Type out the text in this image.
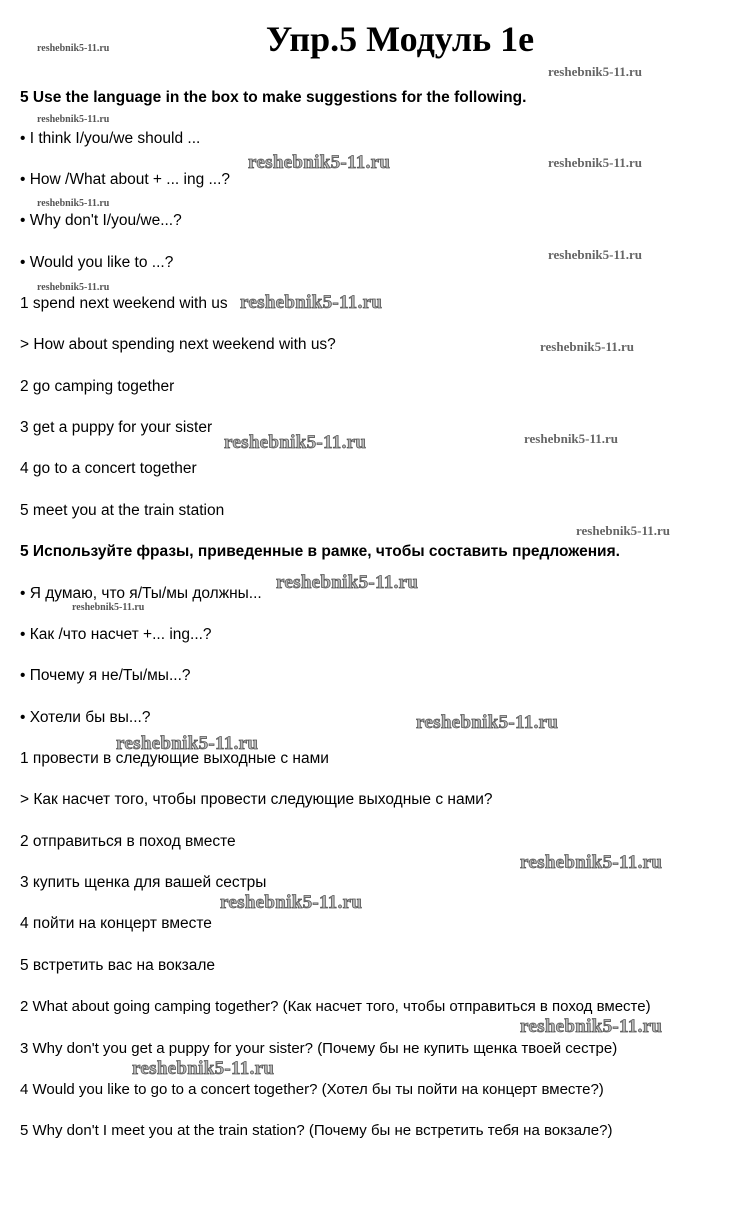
Упр.5 Модуль 1е
5 Use the language in the box to make suggestions for the following.
• I think I/you/we should ...
• How /What about + ... ing ...?
• Why don't I/you/we...?
• Would you like to ...?
1 spend next weekend with us
> How about spending next weekend with us?
2 go camping together
3 get a puppy for your sister
4 go to a concert together
5 meet you at the train station
5 Используйте фразы, приведенные в рамке, чтобы составить предложения.
• Я думаю, что я/Ты/мы должны...
• Как /что насчет +... ing...?
• Почему я не/Ты/мы...?
• Хотели бы вы...?
1 провести в следующие выходные с нами
> Как насчет того, чтобы провести следующие выходные с нами?
2 отправиться в поход вместе
3 купить щенка для вашей сестры
4 пойти на концерт вместе
5 встретить вас на вокзале
2 What about going camping together? (Как насчет того, чтобы отправиться в поход вместе)
3 Why don't you get a puppy for your sister? (Почему бы не купить щенка твоей сестре)
4 Would you like to go to a concert together? (Хотел бы ты пойти на концерт вместе?)
5 Why don't I meet you at the train station? (Почему бы не встретить тебя на вокзале?)
reshebnik5-11.ru
reshebnik5-11.ru
reshebnik5-11.ru
reshebnik5-11.ru	reshebnik5-11.ru
reshebnik5-11.ru
reshebnik5-11.ru
reshebnik5-11.ru
reshebnik5-11.ru
reshebnik5-11.ru
reshebnik5-11.ru	reshebnik5-11.ru
reshebnik5-11.ru
reshebnik5-11.ru
reshebnik5-11.ru
reshebnik5-11.ru
reshebnik5-11.ru
reshebnik5-11.ru
reshebnik5-11.ru
reshebnik5-11.ru
reshebnik5-11.ru
